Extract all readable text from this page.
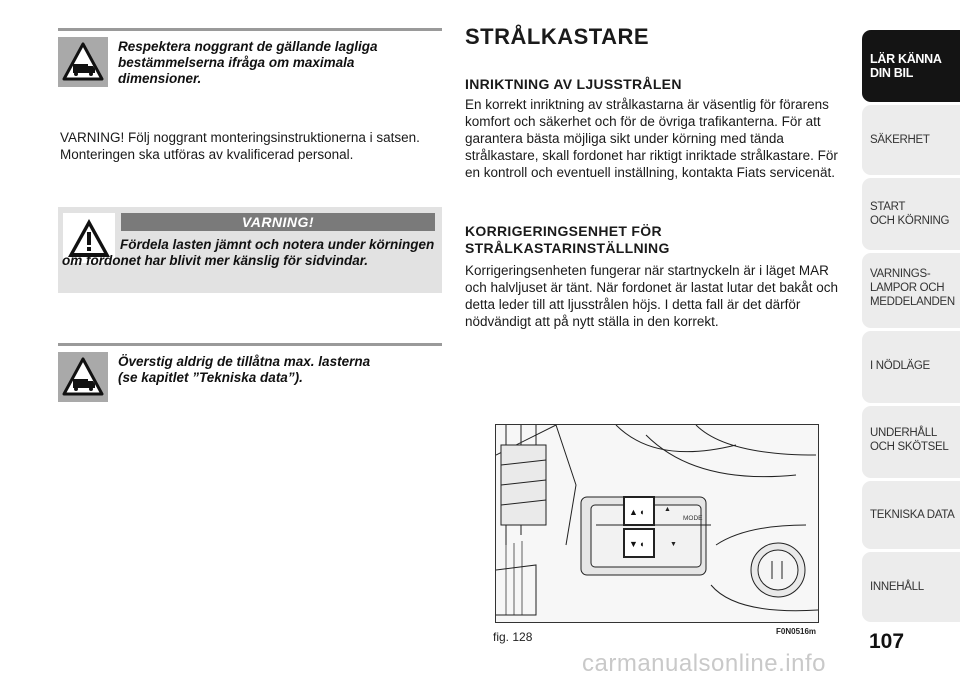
Respektera noggrant de gällande lagliga
bestämmelserna ifråga om maximala
dimensioner.
VARNING! Följ noggrant monteringsinstruktionerna i satsen.
Monteringen ska utföras av kvalificerad personal.
VARNING!
Fördela lasten jämnt och notera under körningen om fordonet har blivit mer känslig för sidvindar.
Överstig aldrig de tillåtna max. lasterna
(se kapitlet ”Tekniska data”).
STRÅLKASTARE
INRIKTNING AV LJUSSTRÅLEN
En korrekt inriktning av strålkastarna är väsentlig för förarens komfort och säkerhet och för de övriga trafikanterna. För att garantera bästa möjliga sikt under körning med tända strålkastare, skall fordonet har riktigt inriktade strålkastare. För en kontroll och eventuell inställning, kontakta Fiats servicenät.
KORRIGERINGSENHET FÖR
STRÅLKASTARINSTÄLLNING
Korrigeringsenheten fungerar när startnyckeln är i läget MAR och halvljuset är tänt. När fordonet är lastat lutar det bakåt och detta leder till att ljusstrålen höjs. I detta fall är det därför nödvändigt att på nytt ställa in den korrekt.
MODE
▲ ◖
▼ ◖
▲
▼
fig. 128	F0N0516m
LÄR KÄNNA
DIN BIL
SÄKERHET
START
OCH KÖRNING
VARNINGS-
LAMPOR OCH
MEDDELANDEN
I NÖDLÄGE
UNDERHÅLL
OCH SKÖTSEL
TEKNISKA DATA
INNEHÅLL
107
carmanualsonline.info
